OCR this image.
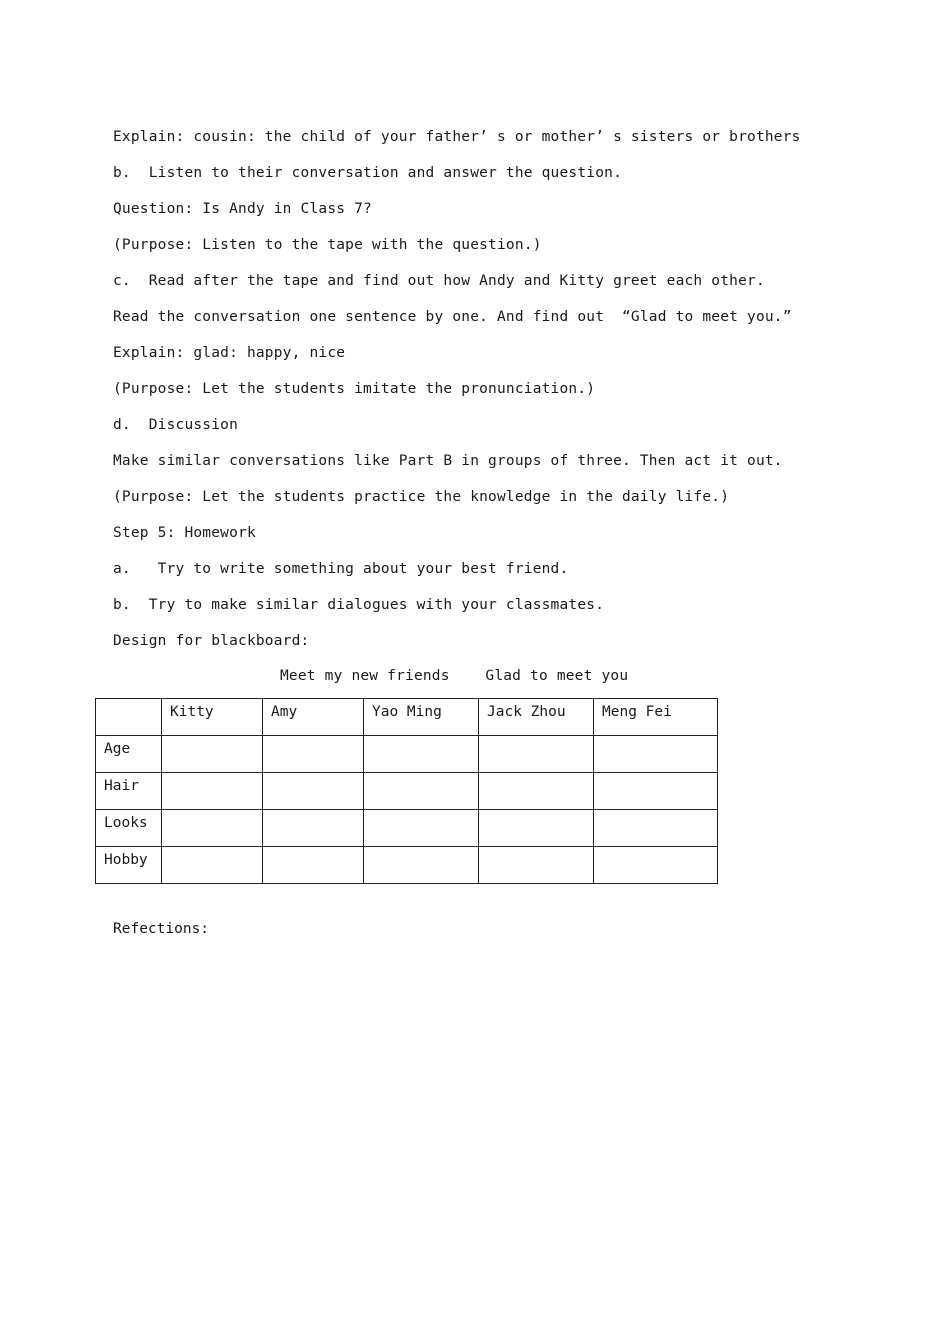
Explain: cousin: the child of your father’ s or mother’ s sisters or brothers
b.  Listen to their conversation and answer the question.
Question: Is Andy in Class 7?
(Purpose: Listen to the tape with the question.)
c.  Read after the tape and find out how Andy and Kitty greet each other.
Read the conversation one sentence by one. And find out  “Glad to meet you.”
Explain: glad: happy, nice
(Purpose: Let the students imitate the pronunciation.)
d.  Discussion
Make similar conversations like Part B in groups of three. Then act it out.
(Purpose: Let the students practice the knowledge in the daily life.)
Step 5: Homework
a.   Try to write something about your best friend.
b.  Try to make similar dialogues with your classmates.
Design for blackboard:
Meet my new friends    Glad to meet you
	Kitty	Amy	Yao Ming	Jack Zhou	Meng Fei
Age					
Hair					
Looks					
Hobby					
Refections:
